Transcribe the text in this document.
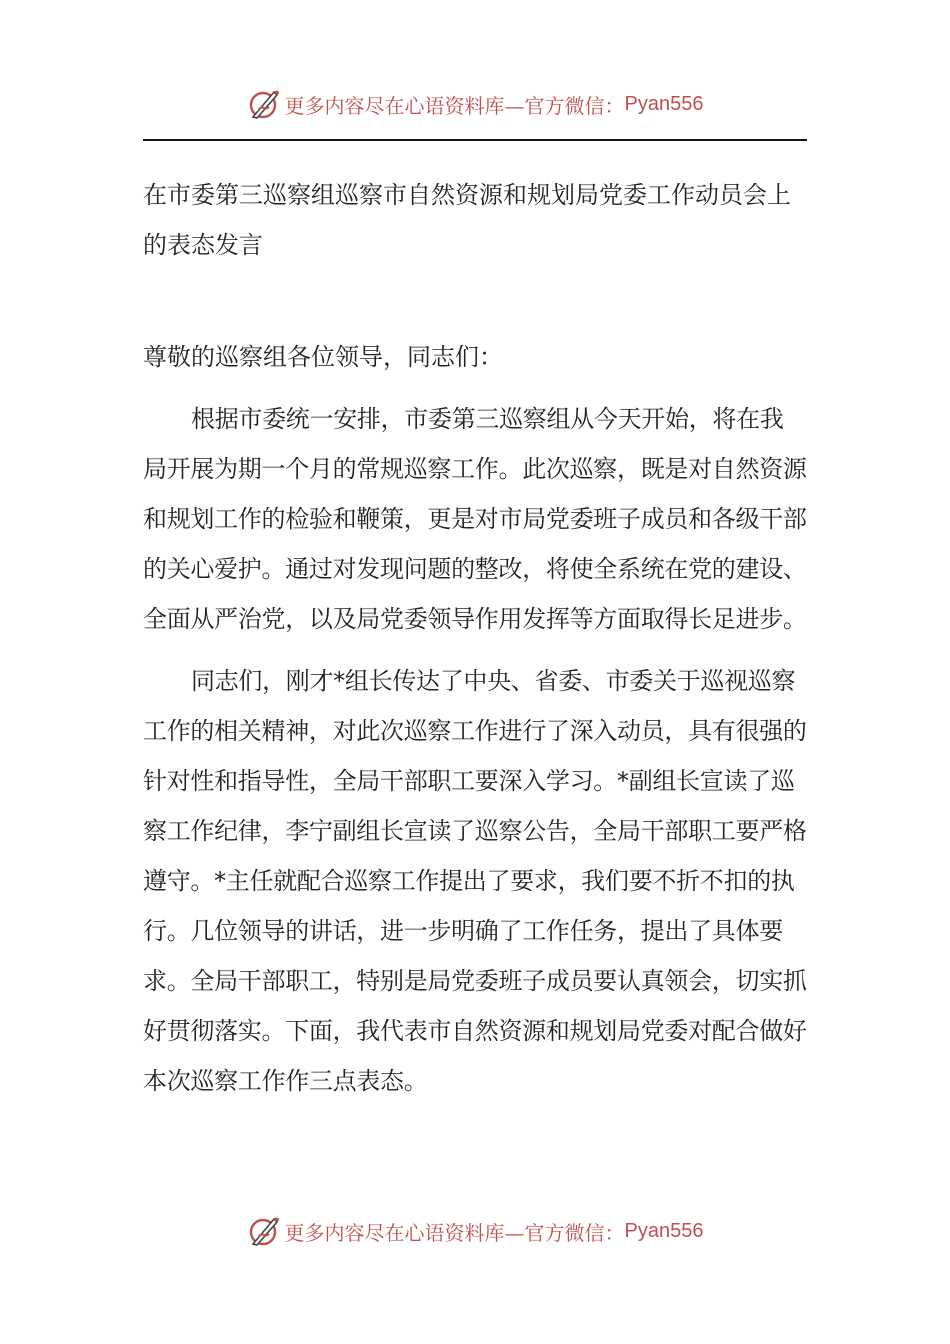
更多内容尽在心语资料库—官方微信： Pyan556
在市委第三巡察组巡察市自然资源和规划局党委工作动员会上的表态发言

尊敬的巡察组各位领导，同志们：

根据市委统一安排，市委第三巡察组从今天开始，将在我局开展为期一个月的常规巡察工作。此次巡察，既是对自然资源和规划工作的检验和鞭策，更是对市局党委班子成员和各级干部的关心爱护。通过对发现问题的整改，将使全系统在党的建设、全面从严治党，以及局党委领导作用发挥等方面取得长足进步。

同志们，刚才*组长传达了中央、省委、市委关于巡视巡察工作的相关精神，对此次巡察工作进行了深入动员，具有很强的针对性和指导性，全局干部职工要深入学习。*副组长宣读了巡察工作纪律，李宁副组长宣读了巡察公告，全局干部职工要严格遵守。*主任就配合巡察工作提出了要求，我们要不折不扣的执行。几位领导的讲话，进一步明确了工作任务，提出了具体要求。全局干部职工，特别是局党委班子成员要认真领会，切实抓好贯彻落实。下面，我代表市自然资源和规划局党委对配合做好本次巡察工作作三点表态。

更多内容尽在心语资料库—官方微信： Pyan556
